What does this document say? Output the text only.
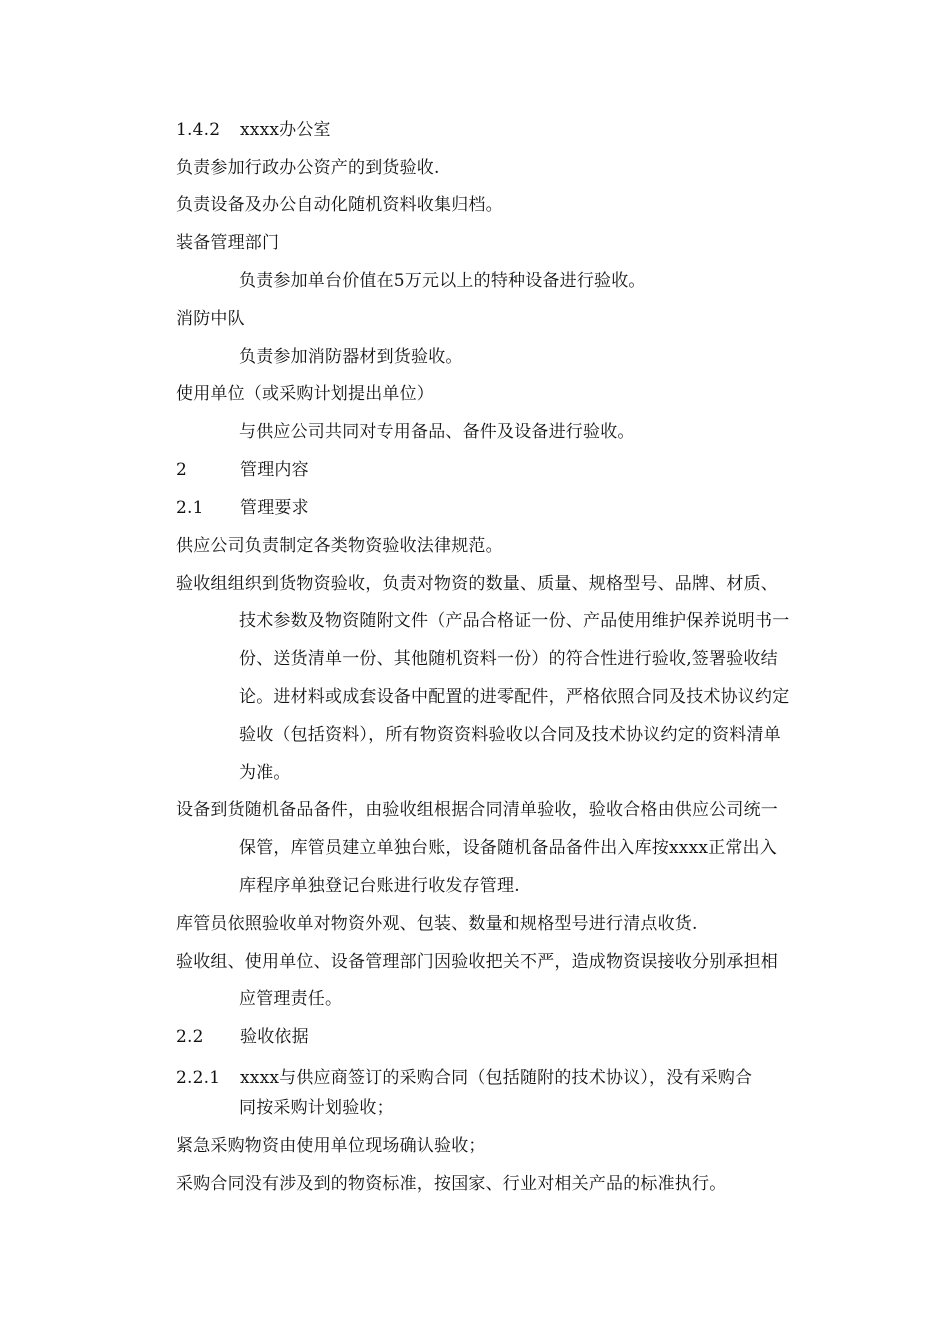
1.4.2 xxxx办公室
负责参加行政办公资产的到货验收.
负责设备及办公自动化随机资料收集归档。
装备管理部门
负责参加单台价值在5万元以上的特种设备进行验收。
消防中队
负责参加消防器材到货验收。
使用单位（或采购计划提出单位）
与供应公司共同对专用备品、备件及设备进行验收。
2	管理内容
2.1 管理要求
供应公司负责制定各类物资验收法律规范。
验收组组织到货物资验收，负责对物资的数量、质量、规格型号、品牌、材质、
技术参数及物资随附文件（产品合格证一份、产品使用维护保养说明书一
份、送货清单一份、其他随机资料一份）的符合性进行验收,签署验收结
论。进材料或成套设备中配置的进零配件，严格依照合同及技术协议约定
验收（包括资料），所有物资资料验收以合同及技术协议约定的资料清单
为准。
设备到货随机备品备件，由验收组根据合同清单验收，验收合格由供应公司统一
保管，库管员建立单独台账，设备随机备品备件出入库按xxxx正常出入
库程序单独登记台账进行收发存管理.
库管员依照验收单对物资外观、包装、数量和规格型号进行清点收货.
验收组、使用单位、设备管理部门因验收把关不严，造成物资误接收分别承担相
应管理责任。
2.2 验收依据
2.2.1 xxxx与供应商签订的采购合同（包括随附的技术协议），没有采购合
同按采购计划验收；
紧急采购物资由使用单位现场确认验收；
采购合同没有涉及到的物资标准，按国家、行业对相关产品的标准执行。
